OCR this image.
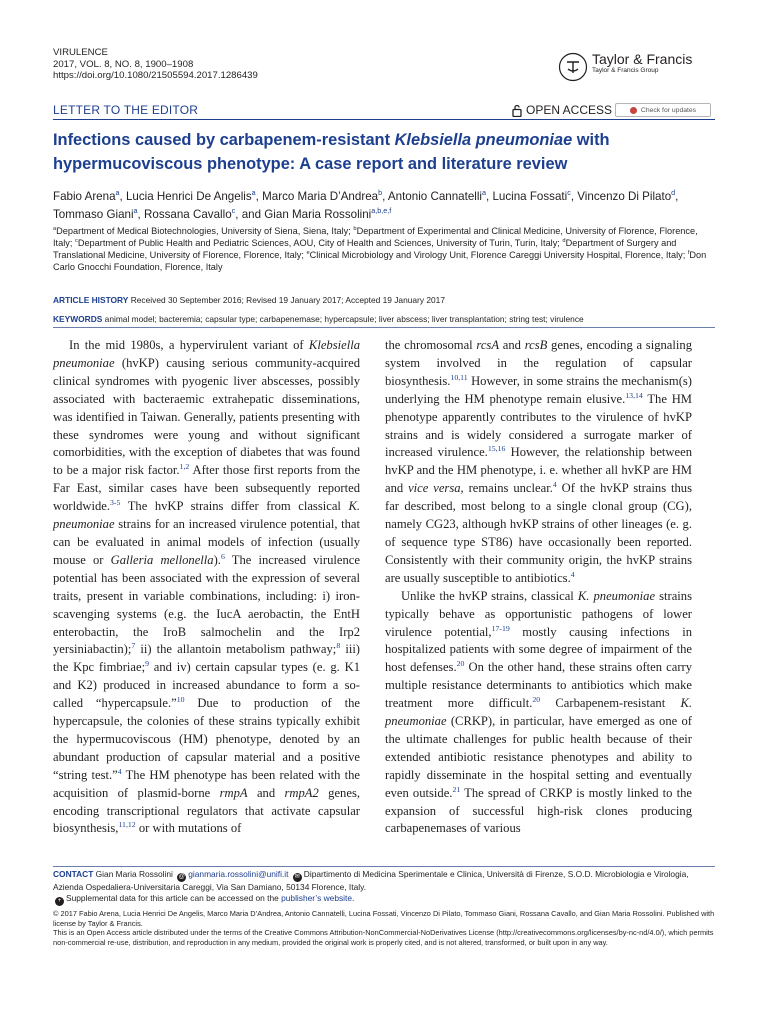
VIRULENCE
2017, VOL. 8, NO. 8, 1900–1908
https://doi.org/10.1080/21505594.2017.1286439
Taylor & Francis
Taylor & Francis Group
LETTER TO THE EDITOR	OPEN ACCESS	Check for updates
Infections caused by carbapenem-resistant Klebsiella pneumoniae with hypermucoviscous phenotype: A case report and literature review
Fabio Arena$^a$, Lucia Henrici De Angelis$^a$, Marco Maria D’Andrea$^b$, Antonio Cannatelli$^a$, Lucina Fossati$^c$, Vincenzo Di Pilato$^d$, Tommaso Giani$^a$, Rossana Cavallo$^c$, and Gian Maria Rossolini$^{a,b,e,f}$
$^a$Department of Medical Biotechnologies, University of Siena, Siena, Italy; $^b$Department of Experimental and Clinical Medicine, University of Florence, Florence, Italy; $^c$Department of Public Health and Pediatric Sciences, AOU, City of Health and Sciences, University of Turin, Turin, Italy; $^d$Department of Surgery and Translational Medicine, University of Florence, Florence, Italy; $^e$Clinical Microbiology and Virology Unit, Florence Careggi University Hospital, Florence, Italy; $^f$Don Carlo Gnocchi Foundation, Florence, Italy
ARTICLE HISTORY Received 30 September 2016; Revised 19 January 2017; Accepted 19 January 2017
KEYWORDS animal model; bacteremia; capsular type; carbapenemase; hypercapsule; liver abscess; liver transplantation; string test; virulence

In the mid 1980s, a hypervirulent variant of Klebsiella pneumoniae (hvKP) causing serious community-acquired clinical syndromes with pyogenic liver abscesses, possibly associated with bacteraemic extrahepatic disseminations, was identified in Taiwan. Generally, patients presenting with these syndromes were young and without significant comorbidities, with the exception of diabetes that was found to be a major risk factor.$^{1,2}$ After those first reports from the Far East, similar cases have been subsequently reported worldwide.$^{3-5}$ The hvKP strains differ from classical K. pneumoniae strains for an increased virulence potential, that can be evaluated in animal models of infection (usually mouse or Galleria mellonella).$^6$ The increased virulence potential has been associated with the expression of several traits, present in variable combinations, including: i) iron-scavenging systems (e.g. the IucA aerobactin, the EntH enterobactin, the IroB salmochelin and the Irp2 yersiniabactin);$^7$ ii) the allantoin metabolism pathway;$^8$ iii) the Kpc fimbriae;$^9$ and iv) certain capsular types (e. g. K1 and K2) produced in increased abundance to form a so-called “hypercapsule.”$^{10}$ Due to production of the hypercapsule, the colonies of these strains typically exhibit the hypermucoviscous (HM) phenotype, denoted by an abundant production of capsular material and a positive “string test.”$^4$ The HM phenotype has been related with the acquisition of plasmid-borne rmpA and rmpA2 genes, encoding transcriptional regulators that activate capsular biosynthesis,$^{11,12}$ or with mutations of

the chromosomal rcsA and rcsB genes, encoding a signaling system involved in the regulation of capsular biosynthesis.$^{10,11}$ However, in some strains the mechanism(s) underlying the HM phenotype remain elusive.$^{13,14}$ The HM phenotype apparently contributes to the virulence of hvKP strains and is widely considered a surrogate marker of increased virulence.$^{15,16}$ However, the relationship between hvKP and the HM phenotype, i. e. whether all hvKP are HM and vice versa, remains unclear.$^4$ Of the hvKP strains thus far described, most belong to a single clonal group (CG), namely CG23, although hvKP strains of other lineages (e. g. of sequence type ST86) have occasionally been reported. Consistently with their community origin, the hvKP strains are usually susceptible to antibiotics.$^4$

Unlike the hvKP strains, classical K. pneumoniae strains typically behave as opportunistic pathogens of lower virulence potential,$^{17-19}$ mostly causing infections in hospitalized patients with some degree of impairment of the host defenses.$^{20}$ On the other hand, these strains often carry multiple resistance determinants to antibiotics which make treatment more difficult.$^{20}$ Carbapenem-resistant K. pneumoniae (CRKP), in particular, have emerged as one of the ultimate challenges for public health because of their extended antibiotic resistance phenotypes and ability to rapidly disseminate in the hospital setting and eventually even outside.$^{21}$ The spread of CRKP is mostly linked to the expansion of successful high-risk clones producing carbapenemases of various

CONTACT Gian Maria Rossolini @ gianmaria.rossolini@unifi.it ✉ Dipartimento di Medicina Sperimentale e Clinica, Università di Firenze, S.O.D. Microbiologia e Virologia, Azienda Ospedaliera-Universitaria Careggi, Via San Damiano, 50134 Florence, Italy.

+ Supplemental data for this article can be accessed on the publisher’s website.

© 2017 Fabio Arena, Lucia Henrici De Angelis, Marco Maria D’Andrea, Antonio Cannatelli, Lucina Fossati, Vincenzo Di Pilato, Tommaso Giani, Rossana Cavallo, and Gian Maria Rossolini. Published with license by Taylor & Francis.
This is an Open Access article distributed under the terms of the Creative Commons Attribution-NonCommercial-NoDerivatives License (http://creativecommons.org/licenses/by-nc-nd/4.0/), which permits non-commercial re-use, distribution, and reproduction in any medium, provided the original work is properly cited, and is not altered, transformed, or built upon in any way.
